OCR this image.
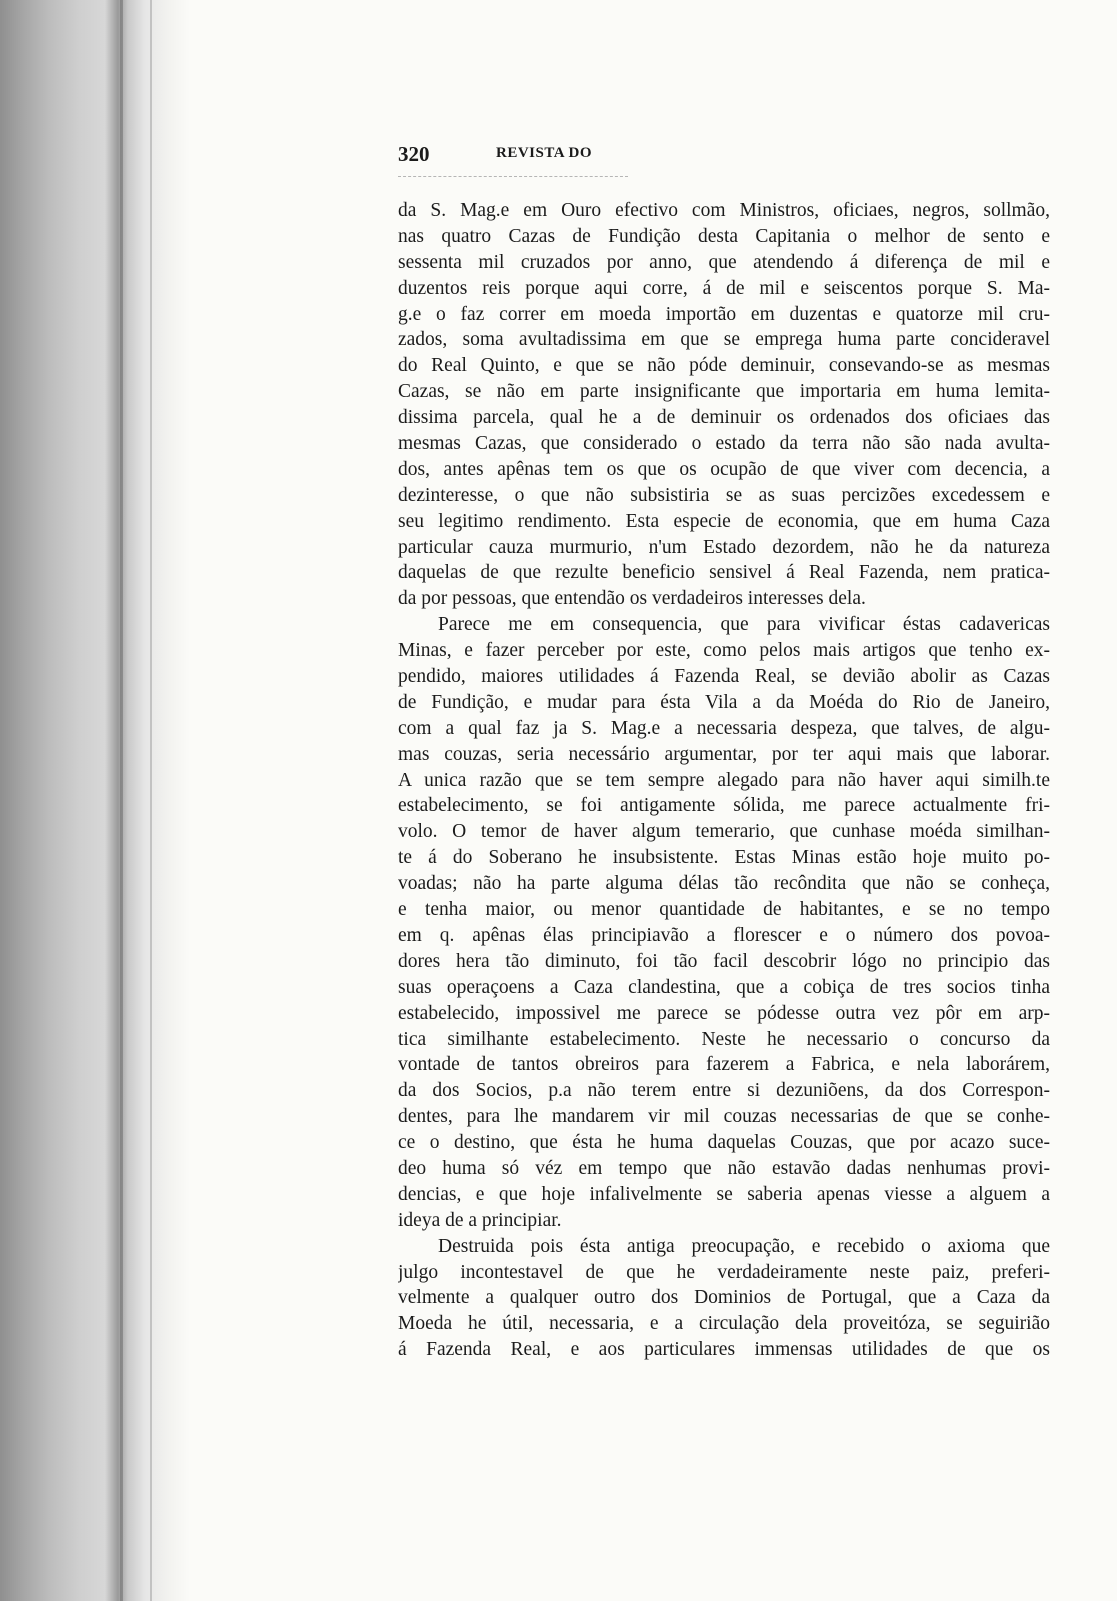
320	REVISTA DO
da S. Mag.e em Ouro efectivo com Ministros, oficiaes, negros, sollmão,
nas quatro Cazas de Fundição desta Capitania o melhor de sento e
sessenta mil cruzados por anno, que atendendo á diferença de mil e
duzentos reis porque aqui corre, á de mil e seiscentos porque S. Ma-
g.e o faz correr em moeda importão em duzentas e quatorze mil cru-
zados, soma avultadissima em que se emprega huma parte concideravel
do Real Quinto, e que se não póde deminuir, consevando-se as mesmas
Cazas, se não em parte insignificante que importaria em huma lemita-
dissima parcela, qual he a de deminuir os ordenados dos oficiaes das
mesmas Cazas, que considerado o estado da terra não são nada avulta-
dos, antes apênas tem os que os ocupão de que viver com decencia, a
dezinteresse, o que não subsistiria se as suas percizões excedessem e
seu legitimo rendimento. Esta especie de economia, que em huma Caza
particular cauza murmurio, n'um Estado dezordem, não he da natureza
daquelas de que rezulte beneficio sensivel á Real Fazenda, nem pratica-
da por pessoas, que entendão os verdadeiros interesses dela.
Parece me em consequencia, que para vivificar éstas cadavericas
Minas, e fazer perceber por este, como pelos mais artigos que tenho ex-
pendido, maiores utilidades á Fazenda Real, se devião abolir as Cazas
de Fundição, e mudar para ésta Vila a da Moéda do Rio de Janeiro,
com a qual faz ja S. Mag.e a necessaria despeza, que talves, de algu-
mas couzas, seria necessário argumentar, por ter aqui mais que laborar.
A unica razão que se tem sempre alegado para não haver aqui similh.te
estabelecimento, se foi antigamente sólida, me parece actualmente fri-
volo. O temor de haver algum temerario, que cunhase moéda similhan-
te á do Soberano he insubsistente. Estas Minas estão hoje muito po-
voadas; não ha parte alguma délas tão recôndita que não se conheça,
e tenha maior, ou menor quantidade de habitantes, e se no tempo
em q. apênas élas principiavão a florescer e o número dos povoa-
dores hera tão diminuto, foi tão facil descobrir lógo no principio das
suas operaçoens a Caza clandestina, que a cobiça de tres socios tinha
estabelecido, impossivel me parece se pódesse outra vez pôr em arp-
tica similhante estabelecimento. Neste he necessario o concurso da
vontade de tantos obreiros para fazerem a Fabrica, e nela laborárem,
da dos Socios, p.a não terem entre si dezuniõens, da dos Correspon-
dentes, para lhe mandarem vir mil couzas necessarias de que se conhe-
ce o destino, que ésta he huma daquelas Couzas, que por acazo suce-
deo huma só véz em tempo que não estavão dadas nenhumas provi-
dencias, e que hoje infalivelmente se saberia apenas viesse a alguem a
ideya de a principiar.
Destruida pois ésta antiga preocupação, e recebido o axioma que
julgo incontestavel de que he verdadeiramente neste paiz, preferi-
velmente a qualquer outro dos Dominios de Portugal, que a Caza da
Moeda he útil, necessaria, e a circulação dela proveitóza, se seguirião
á Fazenda Real, e aos particulares immensas utilidades de que os
